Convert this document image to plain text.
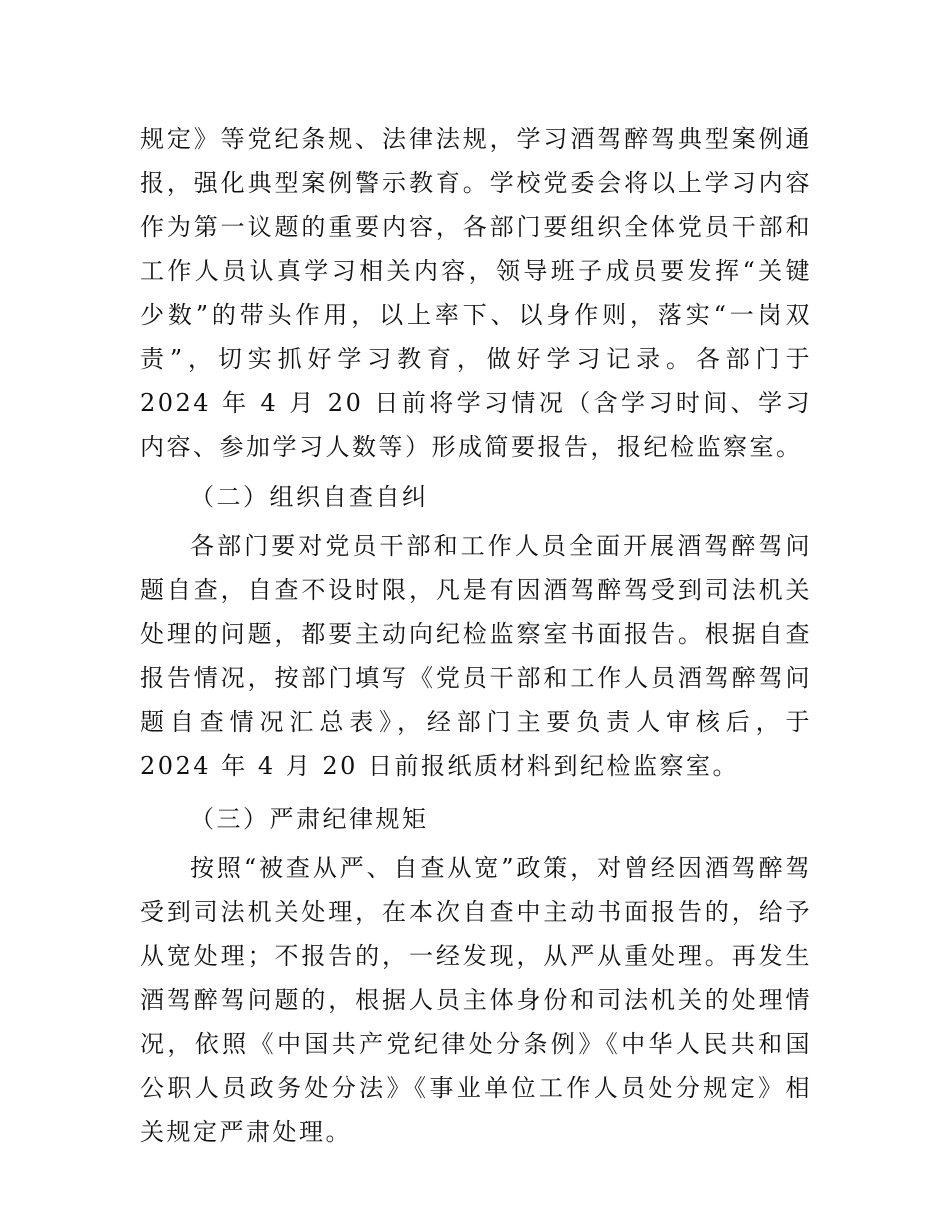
规定》等党纪条规、法律法规，学习酒驾醉驾典型案例通报，强化典型案例警示教育。学校党委会将以上学习内容作为第一议题的重要内容，各部门要组织全体党员干部和工作人员认真学习相关内容，领导班子成员要发挥“关键少数”的带头作用，以上率下、以身作则，落实“一岗双责”，切实抓好学习教育，做好学习记录。各部门于 2024 年 4 月 20 日前将学习情况（含学习时间、学习内容、参加学习人数等）形成简要报告，报纪检监察室。

（二）组织自查自纠

各部门要对党员干部和工作人员全面开展酒驾醉驾问题自查，自查不设时限，凡是有因酒驾醉驾受到司法机关处理的问题，都要主动向纪检监察室书面报告。根据自查报告情况，按部门填写《党员干部和工作人员酒驾醉驾问题自查情况汇总表》，经部门主要负责人审核后，于 2024 年 4 月 20 日前报纸质材料到纪检监察室。

（三）严肃纪律规矩

按照“被查从严、自查从宽”政策，对曾经因酒驾醉驾受到司法机关处理，在本次自查中主动书面报告的，给予从宽处理；不报告的，一经发现，从严从重处理。再发生酒驾醉驾问题的，根据人员主体身份和司法机关的处理情况，依照《中国共产党纪律处分条例》《中华人民共和国公职人员政务处分法》《事业单位工作人员处分规定》相关规定严肃处理。
